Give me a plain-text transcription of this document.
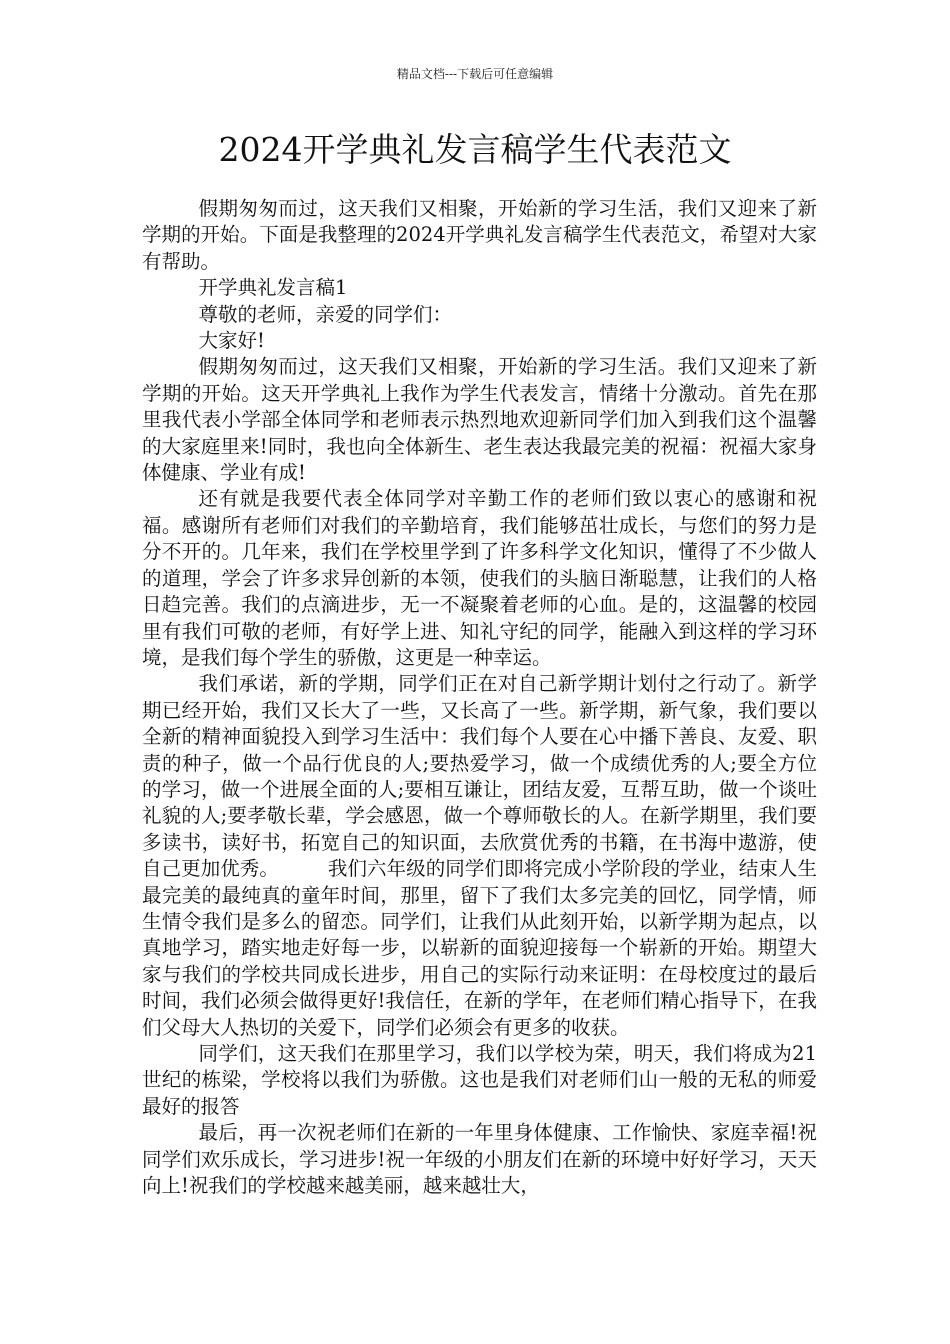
精品文档---下载后可任意编辑
2024开学典礼发言稿学生代表范文

假期匆匆而过，这天我们又相聚，开始新的学习生活，我们又迎来了新学期的开始。下面是我整理的2024开学典礼发言稿学生代表范文，希望对大家有帮助。

开学典礼发言稿1

尊敬的老师，亲爱的同学们：

大家好!

假期匆匆而过，这天我们又相聚，开始新的学习生活。我们又迎来了新学期的开始。这天开学典礼上我作为学生代表发言，情绪十分激动。首先在那里我代表小学部全体同学和老师表示热烈地欢迎新同学们加入到我们这个温馨的大家庭里来!同时，我也向全体新生、老生表达我最完美的祝福：祝福大家身体健康、学业有成!

还有就是我要代表全体同学对辛勤工作的老师们致以衷心的感谢和祝福。感谢所有老师们对我们的辛勤培育，我们能够茁壮成长，与您们的努力是分不开的。几年来，我们在学校里学到了许多科学文化知识，懂得了不少做人的道理，学会了许多求异创新的本领，使我们的头脑日渐聪慧，让我们的人格日趋完善。我们的点滴进步，无一不凝聚着老师的心血。是的，这温馨的校园里有我们可敬的老师，有好学上进、知礼守纪的同学，能融入到这样的学习环境，是我们每个学生的骄傲，这更是一种幸运。

我们承诺，新的学期，同学们正在对自己新学期计划付之行动了。新学期已经开始，我们又长大了一些，又长高了一些。新学期，新气象，我们要以全新的精神面貌投入到学习生活中：我们每个人要在心中播下善良、友爱、职责的种子，做一个品行优良的人;要热爱学习，做一个成绩优秀的人;要全方位的学习，做一个进展全面的人;要相互谦让，团结友爱，互帮互助，做一个谈吐礼貌的人;要孝敬长辈，学会感恩，做一个尊师敬长的人。在新学期里，我们要多读书，读好书，拓宽自己的知识面，去欣赏优秀的书籍，在书海中遨游，使自己更加优秀。　　　我们六年级的同学们即将完成小学阶段的学业，结束人生最完美的最纯真的童年时间，那里，留下了我们太多完美的回忆，同学情，师生情令我们是多么的留恋。同学们，让我们从此刻开始，以新学期为起点，以真地学习，踏实地走好每一步，以崭新的面貌迎接每一个崭新的开始。期望大家与我们的学校共同成长进步，用自己的实际行动来证明：在母校度过的最后时间，我们必须会做得更好!我信任，在新的学年，在老师们精心指导下，在我们父母大人热切的关爱下，同学们必须会有更多的收获。

同学们，这天我们在那里学习，我们以学校为荣，明天，我们将成为21世纪的栋梁，学校将以我们为骄傲。这也是我们对老师们山一般的无私的师爱最好的报答

最后，再一次祝老师们在新的一年里身体健康、工作愉快、家庭幸福!祝同学们欢乐成长，学习进步!祝一年级的小朋友们在新的环境中好好学习，天天向上!祝我们的学校越来越美丽，越来越壮大，
